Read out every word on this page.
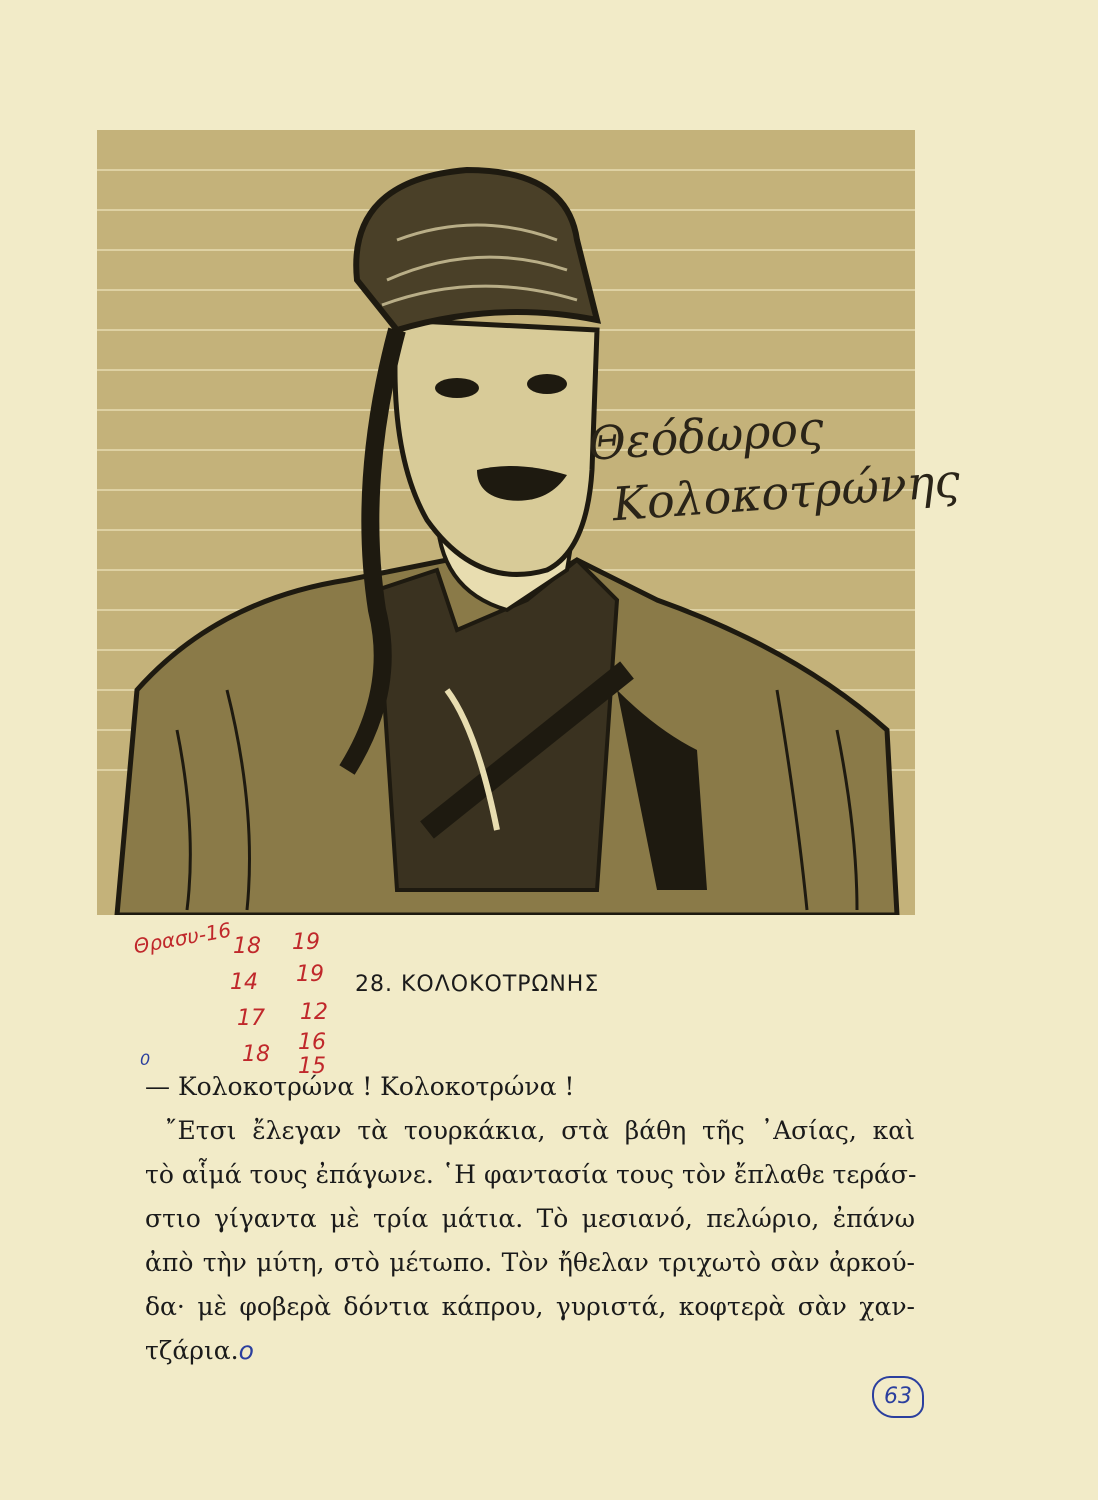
Θεόδωρος
Κολοκοτρώνης
Θρασυ-16 18
14
17
18
19
19
12
16
15
0
28. ΚΟΛΟΚΟΤΡΩΝΗΣ
— Κολοκοτρώνα ! Κολοκοτρώνα !
῎Ετσι ἔλεγαν τὰ τουρκάκια, στὰ βάθη τῆς ᾿Ασίας, καὶ
τὸ αἷμά τους ἐπάγωνε. ῾Η φαντασία τους τὸν ἔπλαθε τεράσ-
στιο γίγαντα μὲ τρία μάτια. Τὸ μεσιανό, πελώριο, ἐπάνω
ἀπὸ τὴν μύτη, στὸ μέτωπο. Τὸν ἤθελαν τριχωτὸ σὰν ἀρκού-
δα· μὲ φοβερὰ δόντια κάπρου, γυριστά, κοφτερὰ σὰν χαν-
τζάρια.ο
63
